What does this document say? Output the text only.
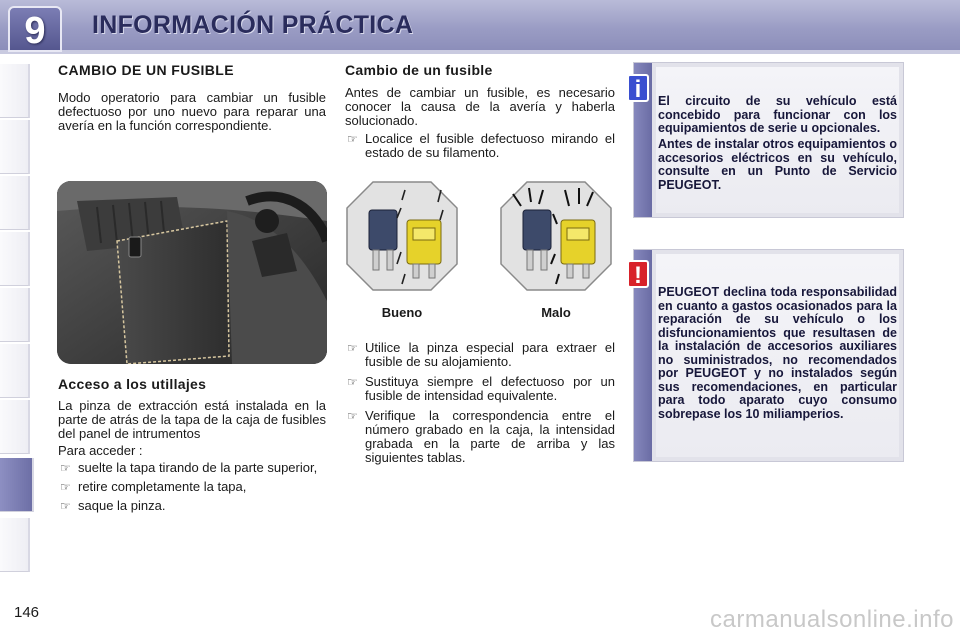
9	INFORMACIÓN PRÁCTICA
CAMBIO DE UN FUSIBLE
Modo operatorio para cambiar un fusible defectuoso por uno nuevo para reparar una avería en la función correspondiente.
Acceso a los utillajes
La pinza de extracción está instalada en la parte de atrás de la tapa de la caja de fusibles del panel de intrumentos
Para acceder :
☞ suelte la tapa tirando de la parte superior,
☞ retire completamente la tapa,
☞ saque la pinza.
Cambio de un fusible
Antes de cambiar un fusible, es necesario conocer la causa de la avería y haberla solucionado.
☞ Localice el fusible defectuoso mirando el estado de su filamento.
Bueno	Malo
☞ Utilice la pinza especial para extraer el fusible de su alojamiento.
☞ Sustituya siempre el defectuoso por un fusible de intensidad equivalente.
☞ Verifique la correspondencia entre el número grabado en la caja, la intensidad grabada en la parte de arriba y las siguientes tablas.
El circuito de su vehículo está concebido para funcionar con los equipamientos de serie u opcionales.
Antes de instalar otros equipamientos o accesorios eléctricos en su vehículo, consulte en un Punto de Servicio PEUGEOT.
i
PEUGEOT declina toda responsabilidad en cuanto a gastos ocasionados para la reparación de su vehículo o los disfuncionamientos que resultasen de la instalación de accesorios auxiliares no suministrados, no recomendados por PEUGEOT y no instalados según sus recomendaciones, en particular para todo aparato cuyo consumo sobrepase los 10 miliamperios.
!
146	carmanualsonline.info
